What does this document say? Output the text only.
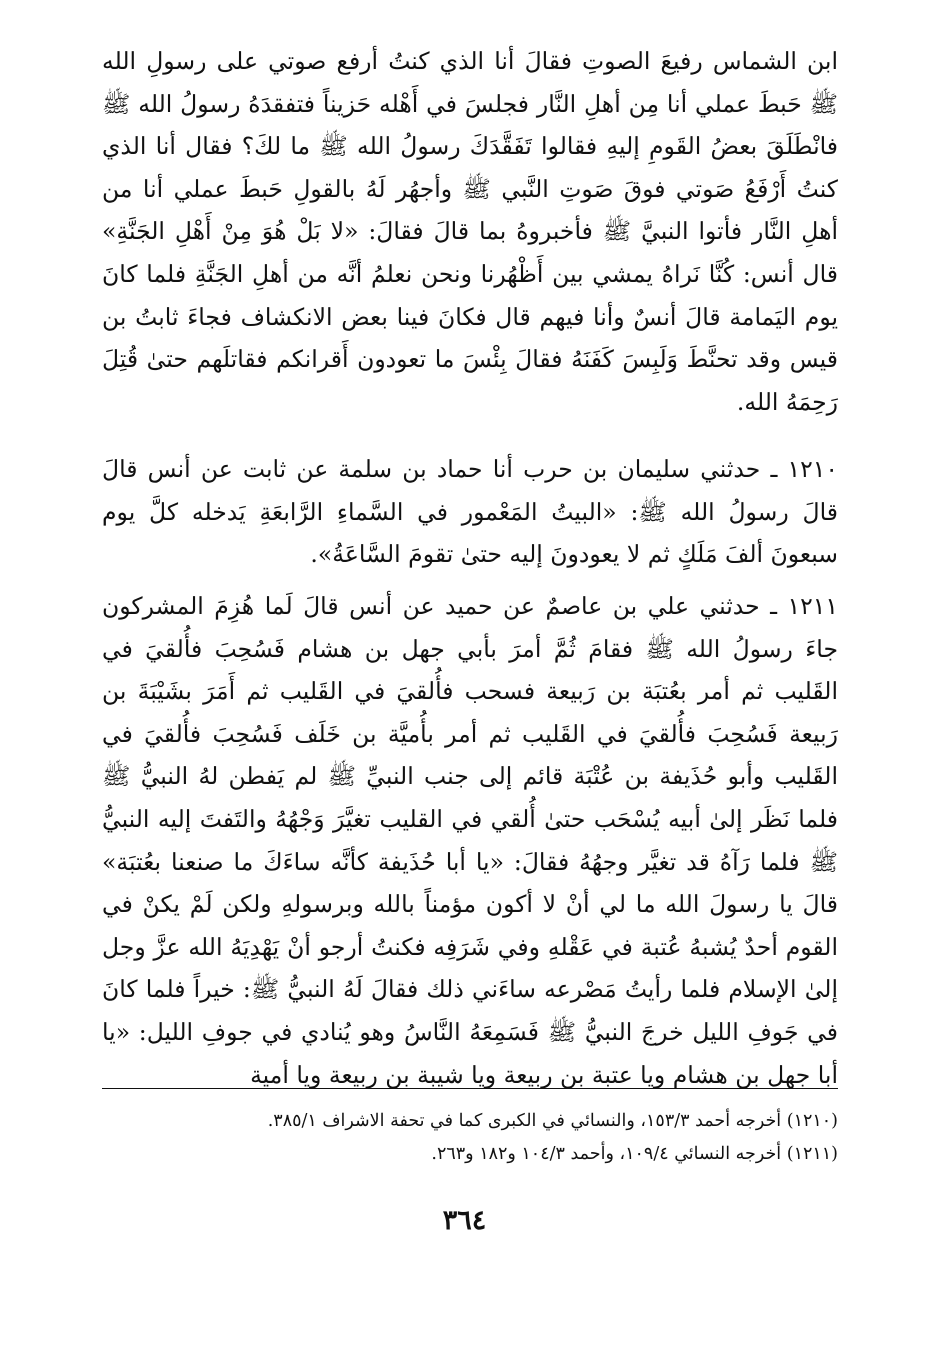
ابن الشماس رفيعَ الصوتِ فقالَ أنا الذي كنتُ أرفع صوتي على رسولِ الله ﷺ حَبطَ عملي أنا مِن أهلِ النَّار فجلسَ في أَهْله حَزيناً فتفقدَهُ رسولُ الله ﷺ فانْطَلَقَ بعضُ القَومِ إليهِ فقالوا تَفَقَّدَكَ رسولُ الله ﷺ ما لكَ؟ فقال أنا الذي كنتُ أَرْفَعُ صَوتي فوقَ صَوتِ النَّبي ﷺ وأجهُر لَهُ بالقولِ حَبطَ عملي أنا من أهلِ النَّار فأتوا النبيَّ ﷺ فأخبروهُ بما قالَ فقالَ: «لا بَلْ هُوَ مِنْ أَهْلِ الجَنَّةِ» قال أنس: كُنَّا نَراهُ يمشي بين أَظْهُرنا ونحن نعلمُ أنَّه من أهلِ الجَنَّةِ فلما كانَ يوم اليَمامة قالَ أنسٌ وأنا فيهم قال فكانَ فينا بعض الانكشاف فجاءَ ثابتُ بن قيس وقد تحنَّطَ وَلَبِسَ كَفَنَهُ فقالَ بِئْسَ ما تعودون أَقرانكم فقاتلَهم حتىٰ قُتِلَ رَحِمَهُ الله.

١٢١٠ ـ حدثني سليمان بن حرب أنا حماد بن سلمة عن ثابت عن أنس قالَ قالَ رسولُ الله ﷺ: «البيتُ المَعْمور في السَّماءِ الرَّابعَةِ يَدخله كلَّ يوم سبعونَ ألفَ مَلَكٍ ثم لا يعودونَ إليه حتىٰ تقومَ السَّاعَةُ».

١٢١١ ـ حدثني علي بن عاصمٌ عن حميد عن أنس قالَ لَما هُزِمَ المشركون جاءَ رسولُ الله ﷺ فقامَ ثُمَّ أمرَ بأبي جهل بن هشام فَسُحِبَ فأُلقيَ في القَليب ثم أمر بعُتبَة بن رَبيعة فسحب فأُلقيَ في القَليب ثم أَمَرَ بشَيْبَةَ بن رَبيعة فَسُحِبَ فأُلقيَ في القَليب ثم أمر بأُميَّة بن خَلَف فَسُحِبَ فأُلقيَ في القَليب وأبو حُذَيفة بن عُتْبَة قائم إلى جنب النبيِّ ﷺ لم يَفطن لهُ النبيُّ ﷺ فلما نَظَر إلىٰ أبيه يُسْحَب حتىٰ أُلقي في القليب تغيَّرَ وَجْهُهُ والتَفتَ إليه النبيُّ ﷺ فلما رَآهُ قد تغيَّر وجهُهُ فقالَ: «يا أبا حُذَيفة كأنَّه ساءَكَ ما صنعنا بعُتبَة» قالَ يا رسولَ الله ما لي أنْ لا أكون مؤمناً بالله وبرسولهِ ولكن لَمْ يكنْ في القوم أحدٌ يُشبهُ عُتبة في عَقْلهِ وفي شَرَفِه فكنتُ أرجو أنْ يَهْدِيَهُ الله عزَّ وجل إلىٰ الإسلام فلما رأيتُ مَصْرعه ساءَني ذلك فقالَ لَهُ النبيُّ ﷺ: خيراً فلما كانَ في جَوفِ الليل خرجَ النبيُّ ﷺ فَسَمِعَهُ النَّاسُ وهو يُنادي في جوفِ الليل: «يا أبا جهل بن هشام ويا عتبة بن ربيعة ويا شيبة بن ربيعة ويا أمية

(١٢١٠) أخرجه أحمد ١٥٣/٣، والنسائي في الكبرى كما في تحفة الاشراف ٣٨٥/١.

(١٢١١) أخرجه النسائي ١٠٩/٤، وأحمد ١٠٤/٣ و١٨٢ و٢٦٣.

٣٦٤
